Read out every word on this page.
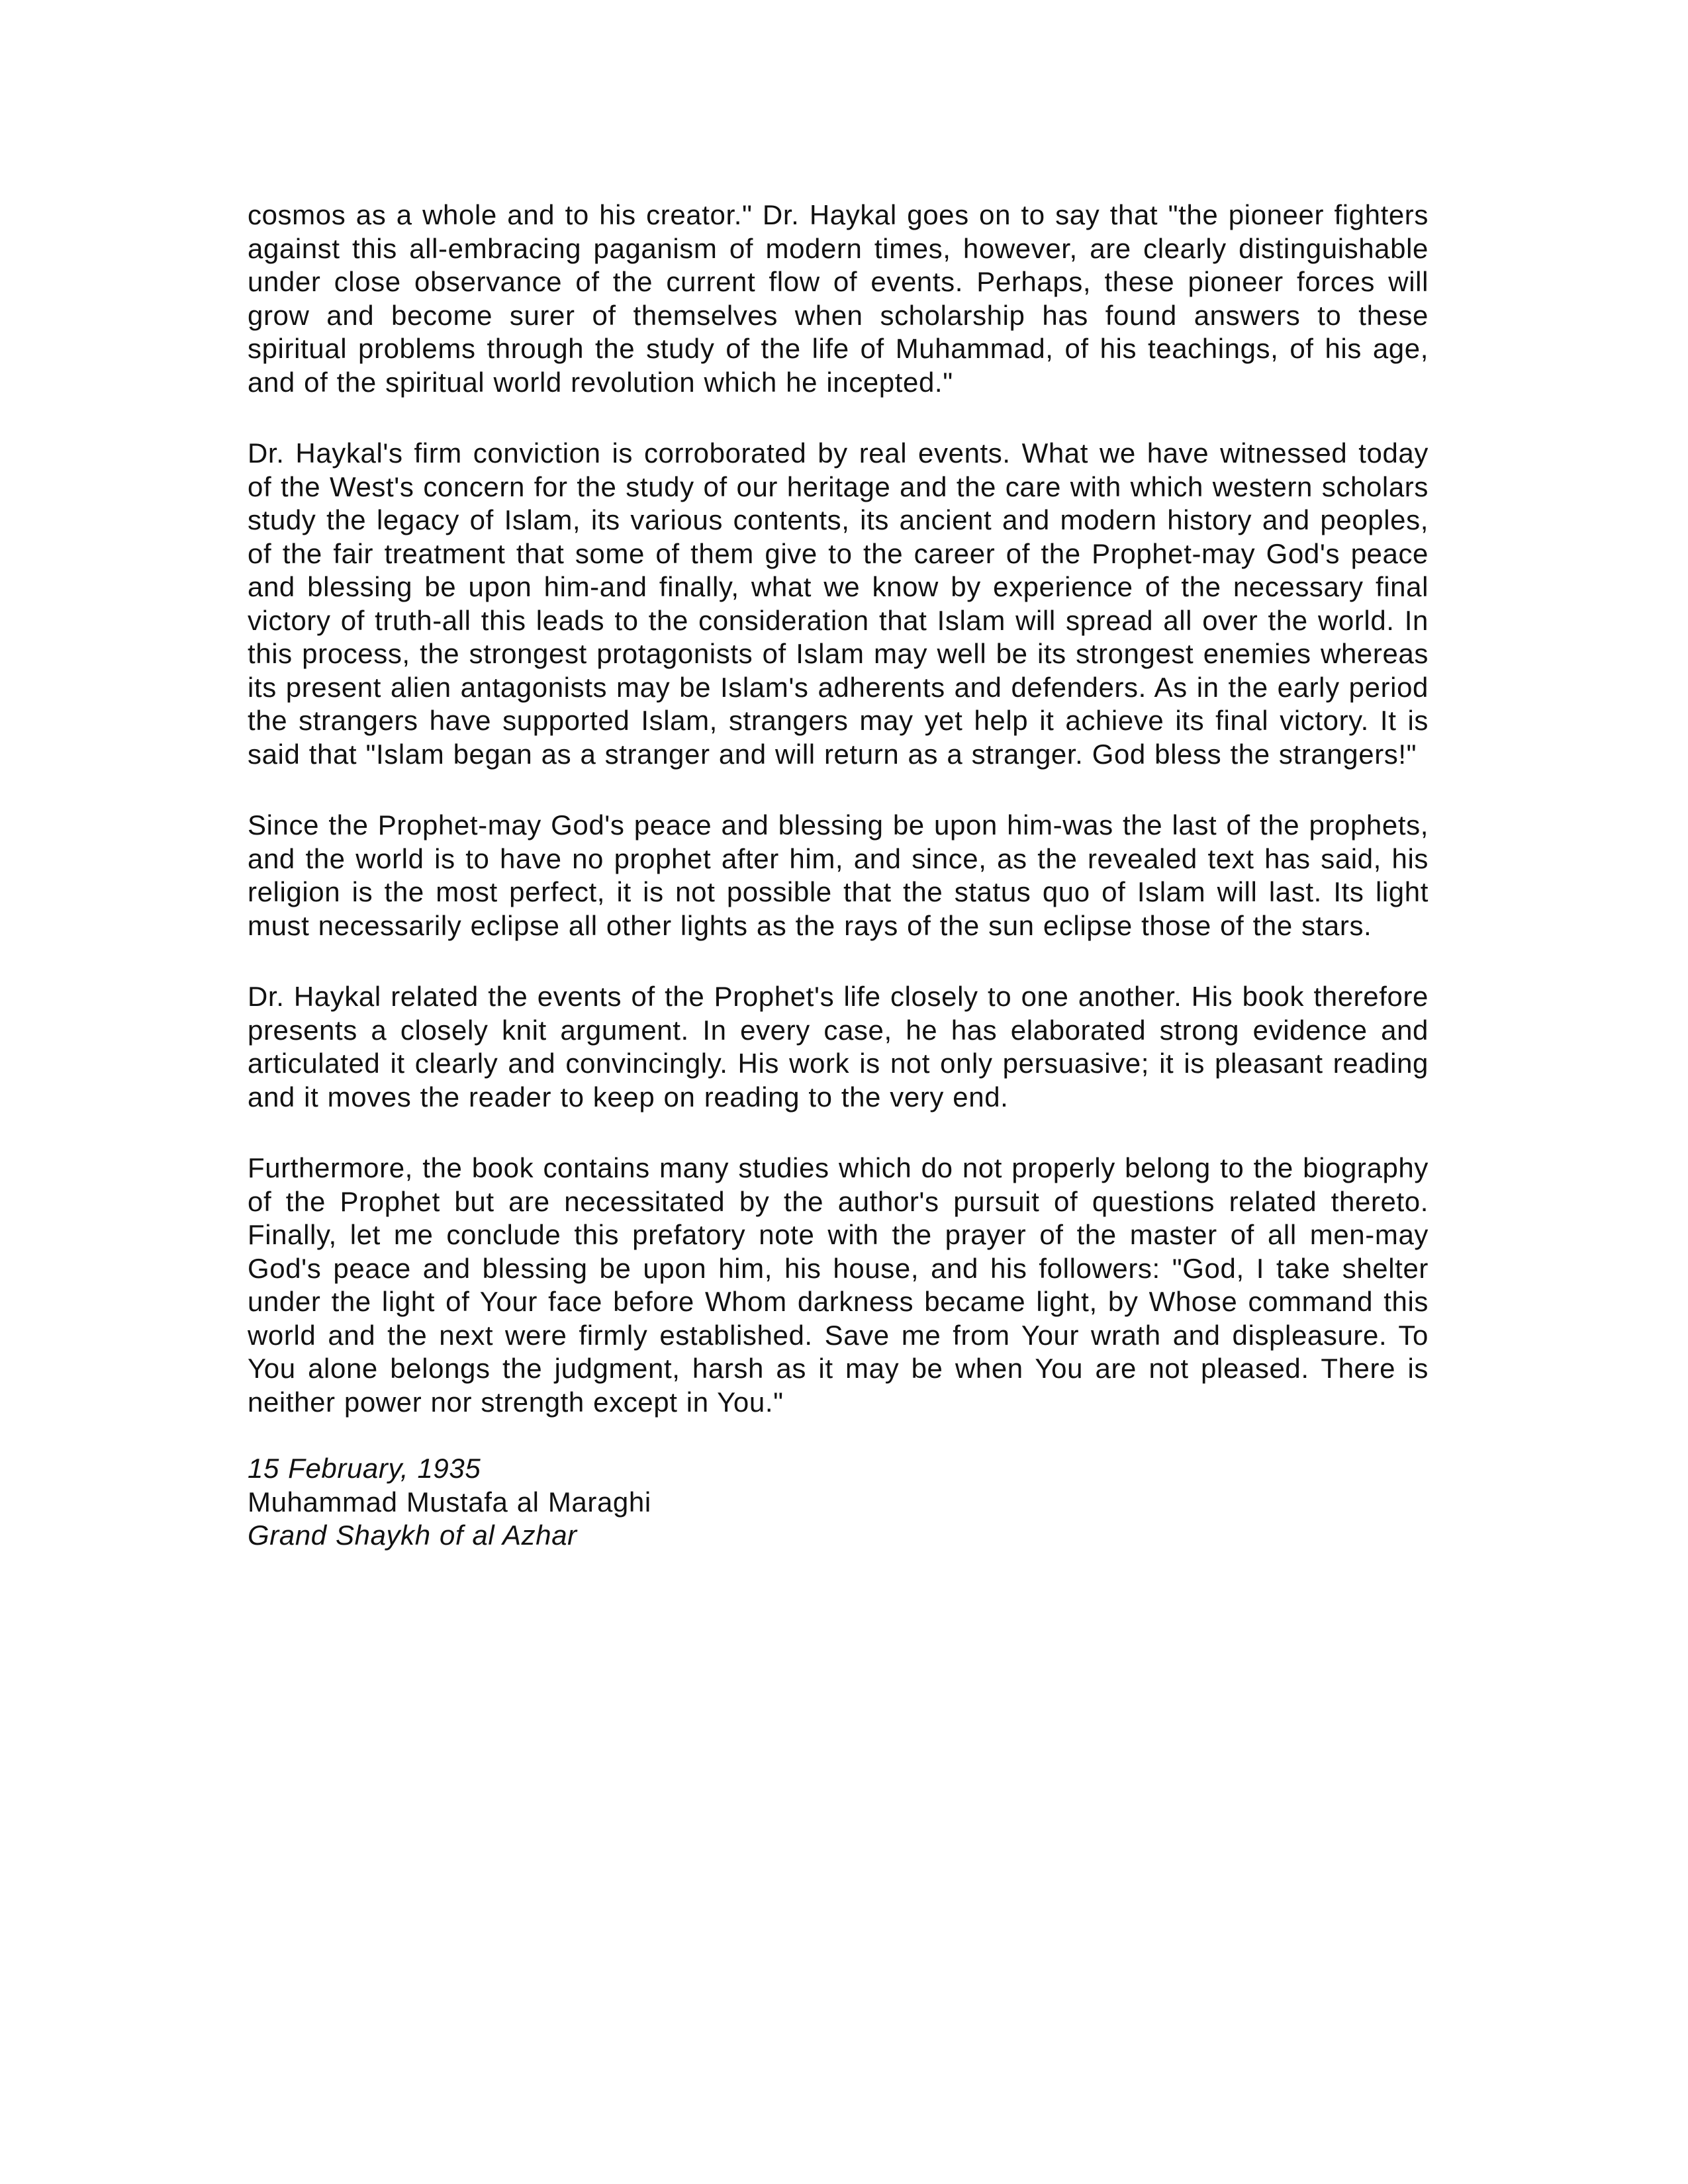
cosmos as a whole and to his creator." Dr. Haykal goes on to say that "the pioneer fighters against this all-embracing paganism of modern times, however, are clearly distinguishable under close observance of the current flow of events. Perhaps, these pioneer forces will grow and become surer of themselves when scholarship has found answers to these spiritual problems through the study of the life of Muhammad, of his teachings, of his age, and of the spiritual world revolution which he incepted."

Dr. Haykal's firm conviction is corroborated by real events. What we have witnessed today of the West's concern for the study of our heritage and the care with which western scholars study the legacy of Islam, its various contents, its ancient and modern history and peoples, of the fair treatment that some of them give to the career of the Prophet-may God's peace and blessing be upon him-and finally, what we know by experience of the necessary final victory of truth-all this leads to the consideration that Islam will spread all over the world. In this process, the strongest protagonists of Islam may well be its strongest enemies whereas its present alien antagonists may be Islam's adherents and defenders. As in the early period the strangers have supported Islam, strangers may yet help it achieve its final victory. It is said that "Islam began as a stranger and will return as a stranger. God bless the strangers!"

Since the Prophet-may God's peace and blessing be upon him-was the last of the prophets, and the world is to have no prophet after him, and since, as the revealed text has said, his religion is the most perfect, it is not possible that the status quo of Islam will last. Its light must necessarily eclipse all other lights as the rays of the sun eclipse those of the stars.

Dr. Haykal related the events of the Prophet's life closely to one another. His book therefore presents a closely knit argument. In every case, he has elaborated strong evidence and articulated it clearly and convincingly. His work is not only persuasive; it is pleasant reading and it moves the reader to keep on reading to the very end.

Furthermore, the book contains many studies which do not properly belong to the biography of the Prophet but are necessitated by the author's pursuit of questions related thereto. Finally, let me conclude this prefatory note with the prayer of the master of all men-may God's peace and blessing be upon him, his house, and his followers: "God, I take shelter under the light of Your face before Whom darkness became light, by Whose command this world and the next were firmly established. Save me from Your wrath and displeasure. To You alone belongs the judgment, harsh as it may be when You are not pleased. There is neither power nor strength except in You."

15 February, 1935

Muhammad Mustafa al Maraghi

Grand Shaykh of al Azhar
